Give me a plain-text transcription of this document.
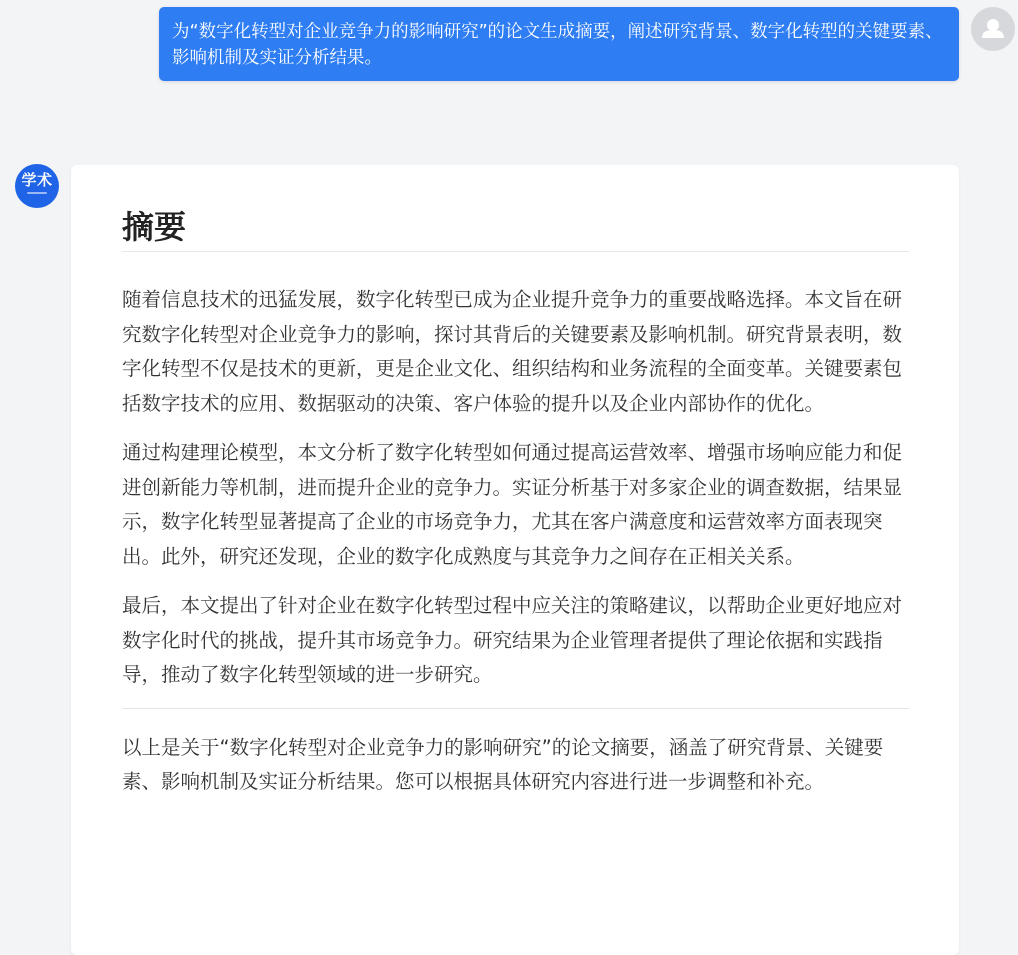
为“数字化转型对企业竞争力的影响研究”的论文生成摘要，阐述研究背景、数字化转型的关键要素、影响机制及实证分析结果。
学术
摘要

随着信息技术的迅猛发展，数字化转型已成为企业提升竞争力的重要战略选择。本文旨在研究数字化转型对企业竞争力的影响，探讨其背后的关键要素及影响机制。研究背景表明，数字化转型不仅是技术的更新，更是企业文化、组织结构和业务流程的全面变革。关键要素包括数字技术的应用、数据驱动的决策、客户体验的提升以及企业内部协作的优化。

通过构建理论模型，本文分析了数字化转型如何通过提高运营效率、增强市场响应能力和促进创新能力等机制，进而提升企业的竞争力。实证分析基于对多家企业的调查数据，结果显示，数字化转型显著提高了企业的市场竞争力，尤其在客户满意度和运营效率方面表现突出。此外，研究还发现，企业的数字化成熟度与其竞争力之间存在正相关关系。

最后，本文提出了针对企业在数字化转型过程中应关注的策略建议，以帮助企业更好地应对数字化时代的挑战，提升其市场竞争力。研究结果为企业管理者提供了理论依据和实践指导，推动了数字化转型领域的进一步研究。

以上是关于“数字化转型对企业竞争力的影响研究”的论文摘要，涵盖了研究背景、关键要素、影响机制及实证分析结果。您可以根据具体研究内容进行进一步调整和补充。
